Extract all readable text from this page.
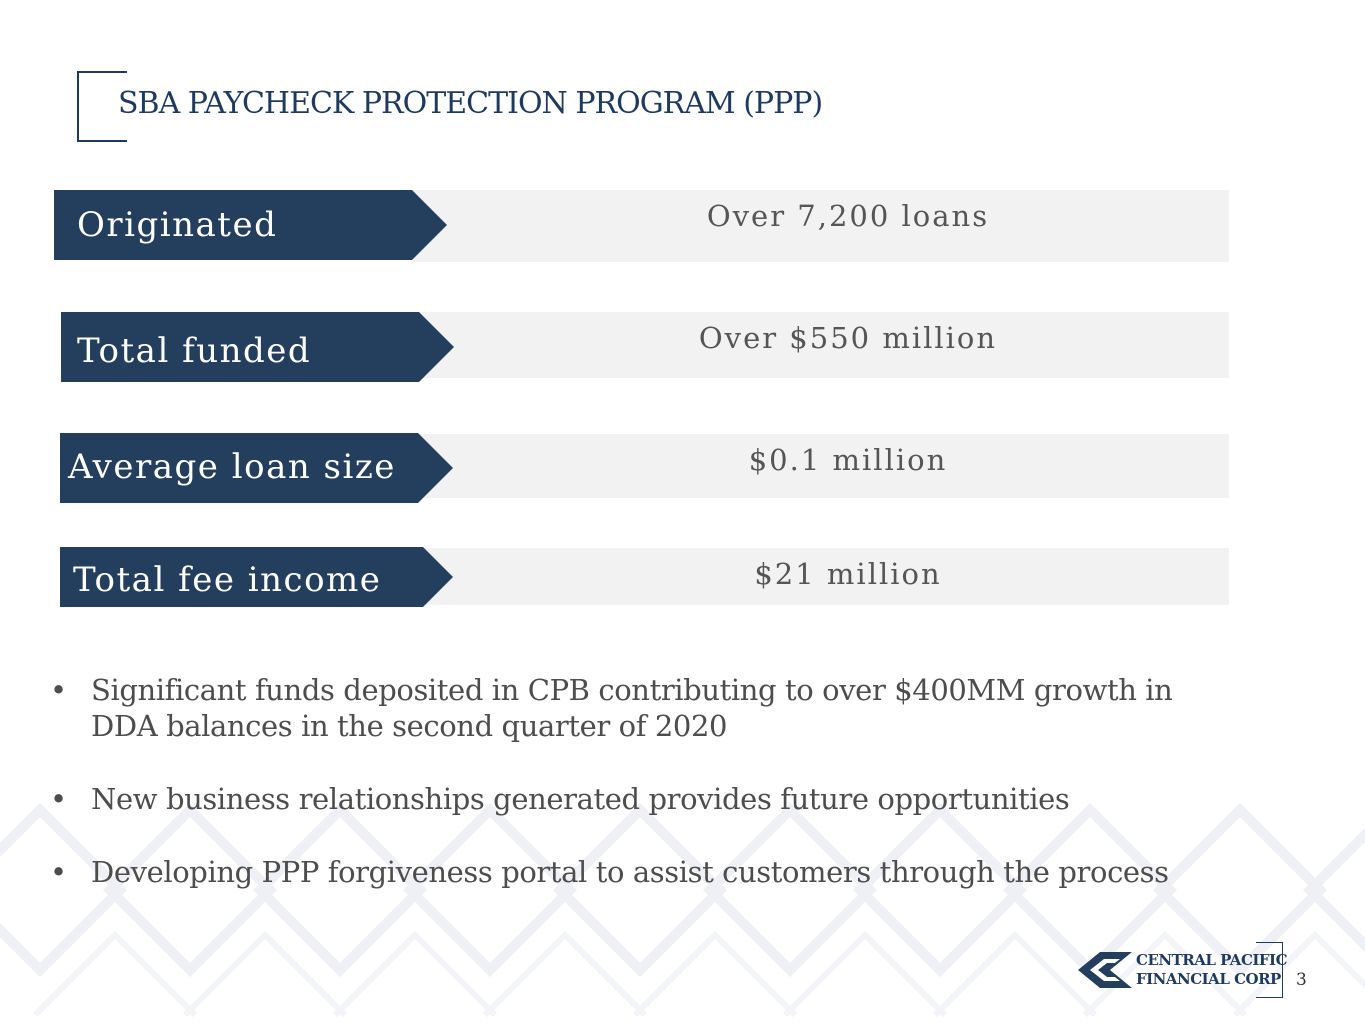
SBA PAYCHECK PROTECTION PROGRAM (PPP)
Originated	Over 7,200 loans
Total funded	Over $550 million
Average loan size	$0.1 million
Total fee income	$21 million
• Significant funds deposited in CPB contributing to over $400MM growth in DDA balances in the second quarter of 2020
• New business relationships generated provides future opportunities
• Developing PPP forgiveness portal to assist customers through the process
CENTRAL PACIFIC
FINANCIAL CORP 3
